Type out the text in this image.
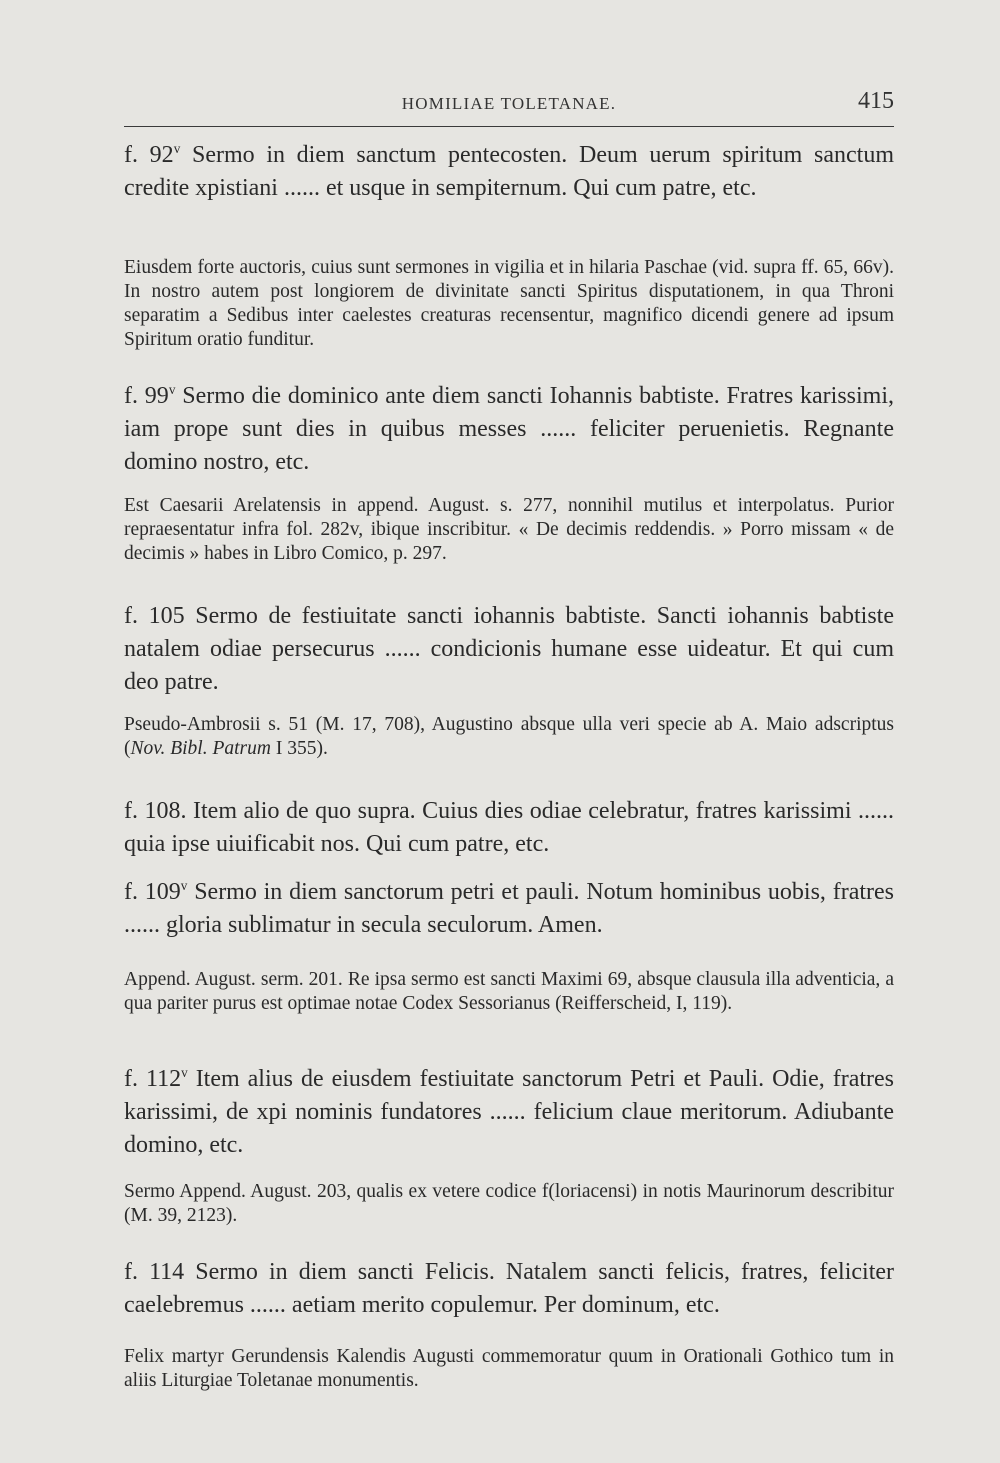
HOMILIAE TOLETANAE.	415
f. 92$^v$ Sermo in diem sanctum pentecosten. Deum uerum spiritum sanctum credite xpistiani ...... et usque in sempiternum. Qui cum patre, etc.
Eiusdem forte auctoris, cuius sunt sermones in vigilia et in hilaria Paschae (vid. supra ff. 65, 66v). In nostro autem post longiorem de divinitate sancti Spiritus disputationem, in qua Throni separatim a Sedibus inter caelestes creaturas recensentur, magnifico dicendi genere ad ipsum Spiritum oratio funditur.
f. 99$^v$ Sermo die dominico ante diem sancti Iohannis babtiste. Fratres karissimi, iam prope sunt dies in quibus messes ...... feliciter peruenietis. Regnante domino nostro, etc.
Est Caesarii Arelatensis in append. August. s. 277, nonnihil mutilus et interpolatus. Purior repraesentatur infra fol. 282v, ibique inscribitur. « De decimis reddendis. » Porro missam « de decimis » habes in Libro Comico, p. 297.
f. 105 Sermo de festiuitate sancti iohannis babtiste. Sancti iohannis babtiste natalem odiae persecurus ...... condicionis humane esse uideatur. Et qui cum deo patre.
Pseudo-Ambrosii s. 51 (M. 17, 708), Augustino absque ulla veri specie ab A. Maio adscriptus (Nov. Bibl. Patrum I 355).
f. 108. Item alio de quo supra. Cuius dies odiae celebratur, fratres karissimi ...... quia ipse uiuificabit nos. Qui cum patre, etc.
f. 109$^v$ Sermo in diem sanctorum petri et pauli. Notum hominibus uobis, fratres ...... gloria sublimatur in secula seculorum. Amen.
Append. August. serm. 201. Re ipsa sermo est sancti Maximi 69, absque clausula illa adventicia, a qua pariter purus est optimae notae Codex Sessorianus (Reifferscheid, I, 119).
f. 112$^v$ Item alius de eiusdem festiuitate sanctorum Petri et Pauli. Odie, fratres karissimi, de xpi nominis fundatores ...... felicium claue meritorum. Adiubante domino, etc.
Sermo Append. August. 203, qualis ex vetere codice f(loriacensi) in notis Maurinorum describitur (M. 39, 2123).
f. 114 Sermo in diem sancti Felicis. Natalem sancti felicis, fratres, feliciter caelebremus ...... aetiam merito copulemur. Per dominum, etc.
Felix martyr Gerundensis Kalendis Augusti commemoratur quum in Orationali Gothico tum in aliis Liturgiae Toletanae monumentis.
